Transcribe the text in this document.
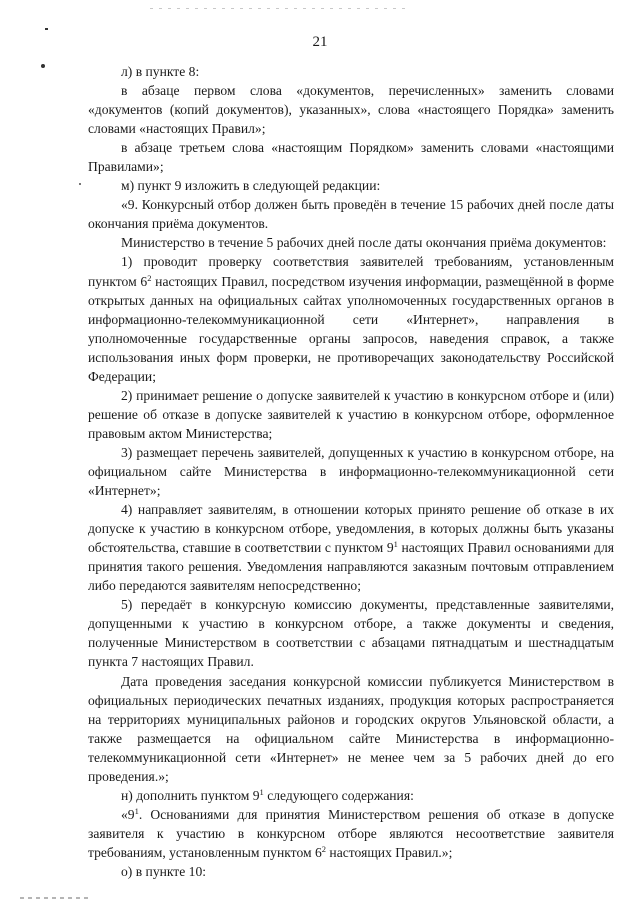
21

л) в пункте 8:

в абзаце первом слова «документов, перечисленных» заменить словами «документов (копий документов), указанных», слова «настоящего Порядка» заменить словами «настоящих Правил»;

в абзаце третьем слова «настоящим Порядком» заменить словами «настоящими Правилами»;

м) пункт 9 изложить в следующей редакции:

«9. Конкурсный отбор должен быть проведён в течение 15 рабочих дней после даты окончания приёма документов.

Министерство в течение 5 рабочих дней после даты окончания приёма документов:

1) проводит проверку соответствия заявителей требованиям, установленным пунктом $6^2$ настоящих Правил, посредством изучения информации, размещённой в форме открытых данных на официальных сайтах уполномоченных государственных органов в информационно-телекоммуникационной сети «Интернет», направления в уполномоченные государственные органы запросов, наведения справок, а также использования иных форм проверки, не противоречащих законодательству Российской Федерации;

2) принимает решение о допуске заявителей к участию в конкурсном отборе и (или) решение об отказе в допуске заявителей к участию в конкурсном отборе, оформленное правовым актом Министерства;

3) размещает перечень заявителей, допущенных к участию в конкурсном отборе, на официальном сайте Министерства в информационно-телекоммуникационной сети «Интернет»;

4) направляет заявителям, в отношении которых принято решение об отказе в их допуске к участию в конкурсном отборе, уведомления, в которых должны быть указаны обстоятельства, ставшие в соответствии с пунктом $9^1$ настоящих Правил основаниями для принятия такого решения. Уведомления направляются заказным почтовым отправлением либо передаются заявителям непосредственно;

5) передаёт в конкурсную комиссию документы, представленные заявителями, допущенными к участию в конкурсном отборе, а также документы и сведения, полученные Министерством в соответствии с абзацами пятнадцатым и шестнадцатым пункта 7 настоящих Правил.

Дата проведения заседания конкурсной комиссии публикуется Министерством в официальных периодических печатных изданиях, продукция которых распространяется на территориях муниципальных районов и городских округов Ульяновской области, а также размещается на официальном сайте Министерства в информационно-телекоммуникационной сети «Интернет» не менее чем за 5 рабочих дней до его проведения.»;

н) дополнить пунктом $9^1$ следующего содержания:

«$9^1$. Основаниями для принятия Министерством решения об отказе в допуске заявителя к участию в конкурсном отборе являются несоответствие заявителя требованиям, установленным пунктом $6^2$ настоящих Правил.»;

о) в пункте 10:
